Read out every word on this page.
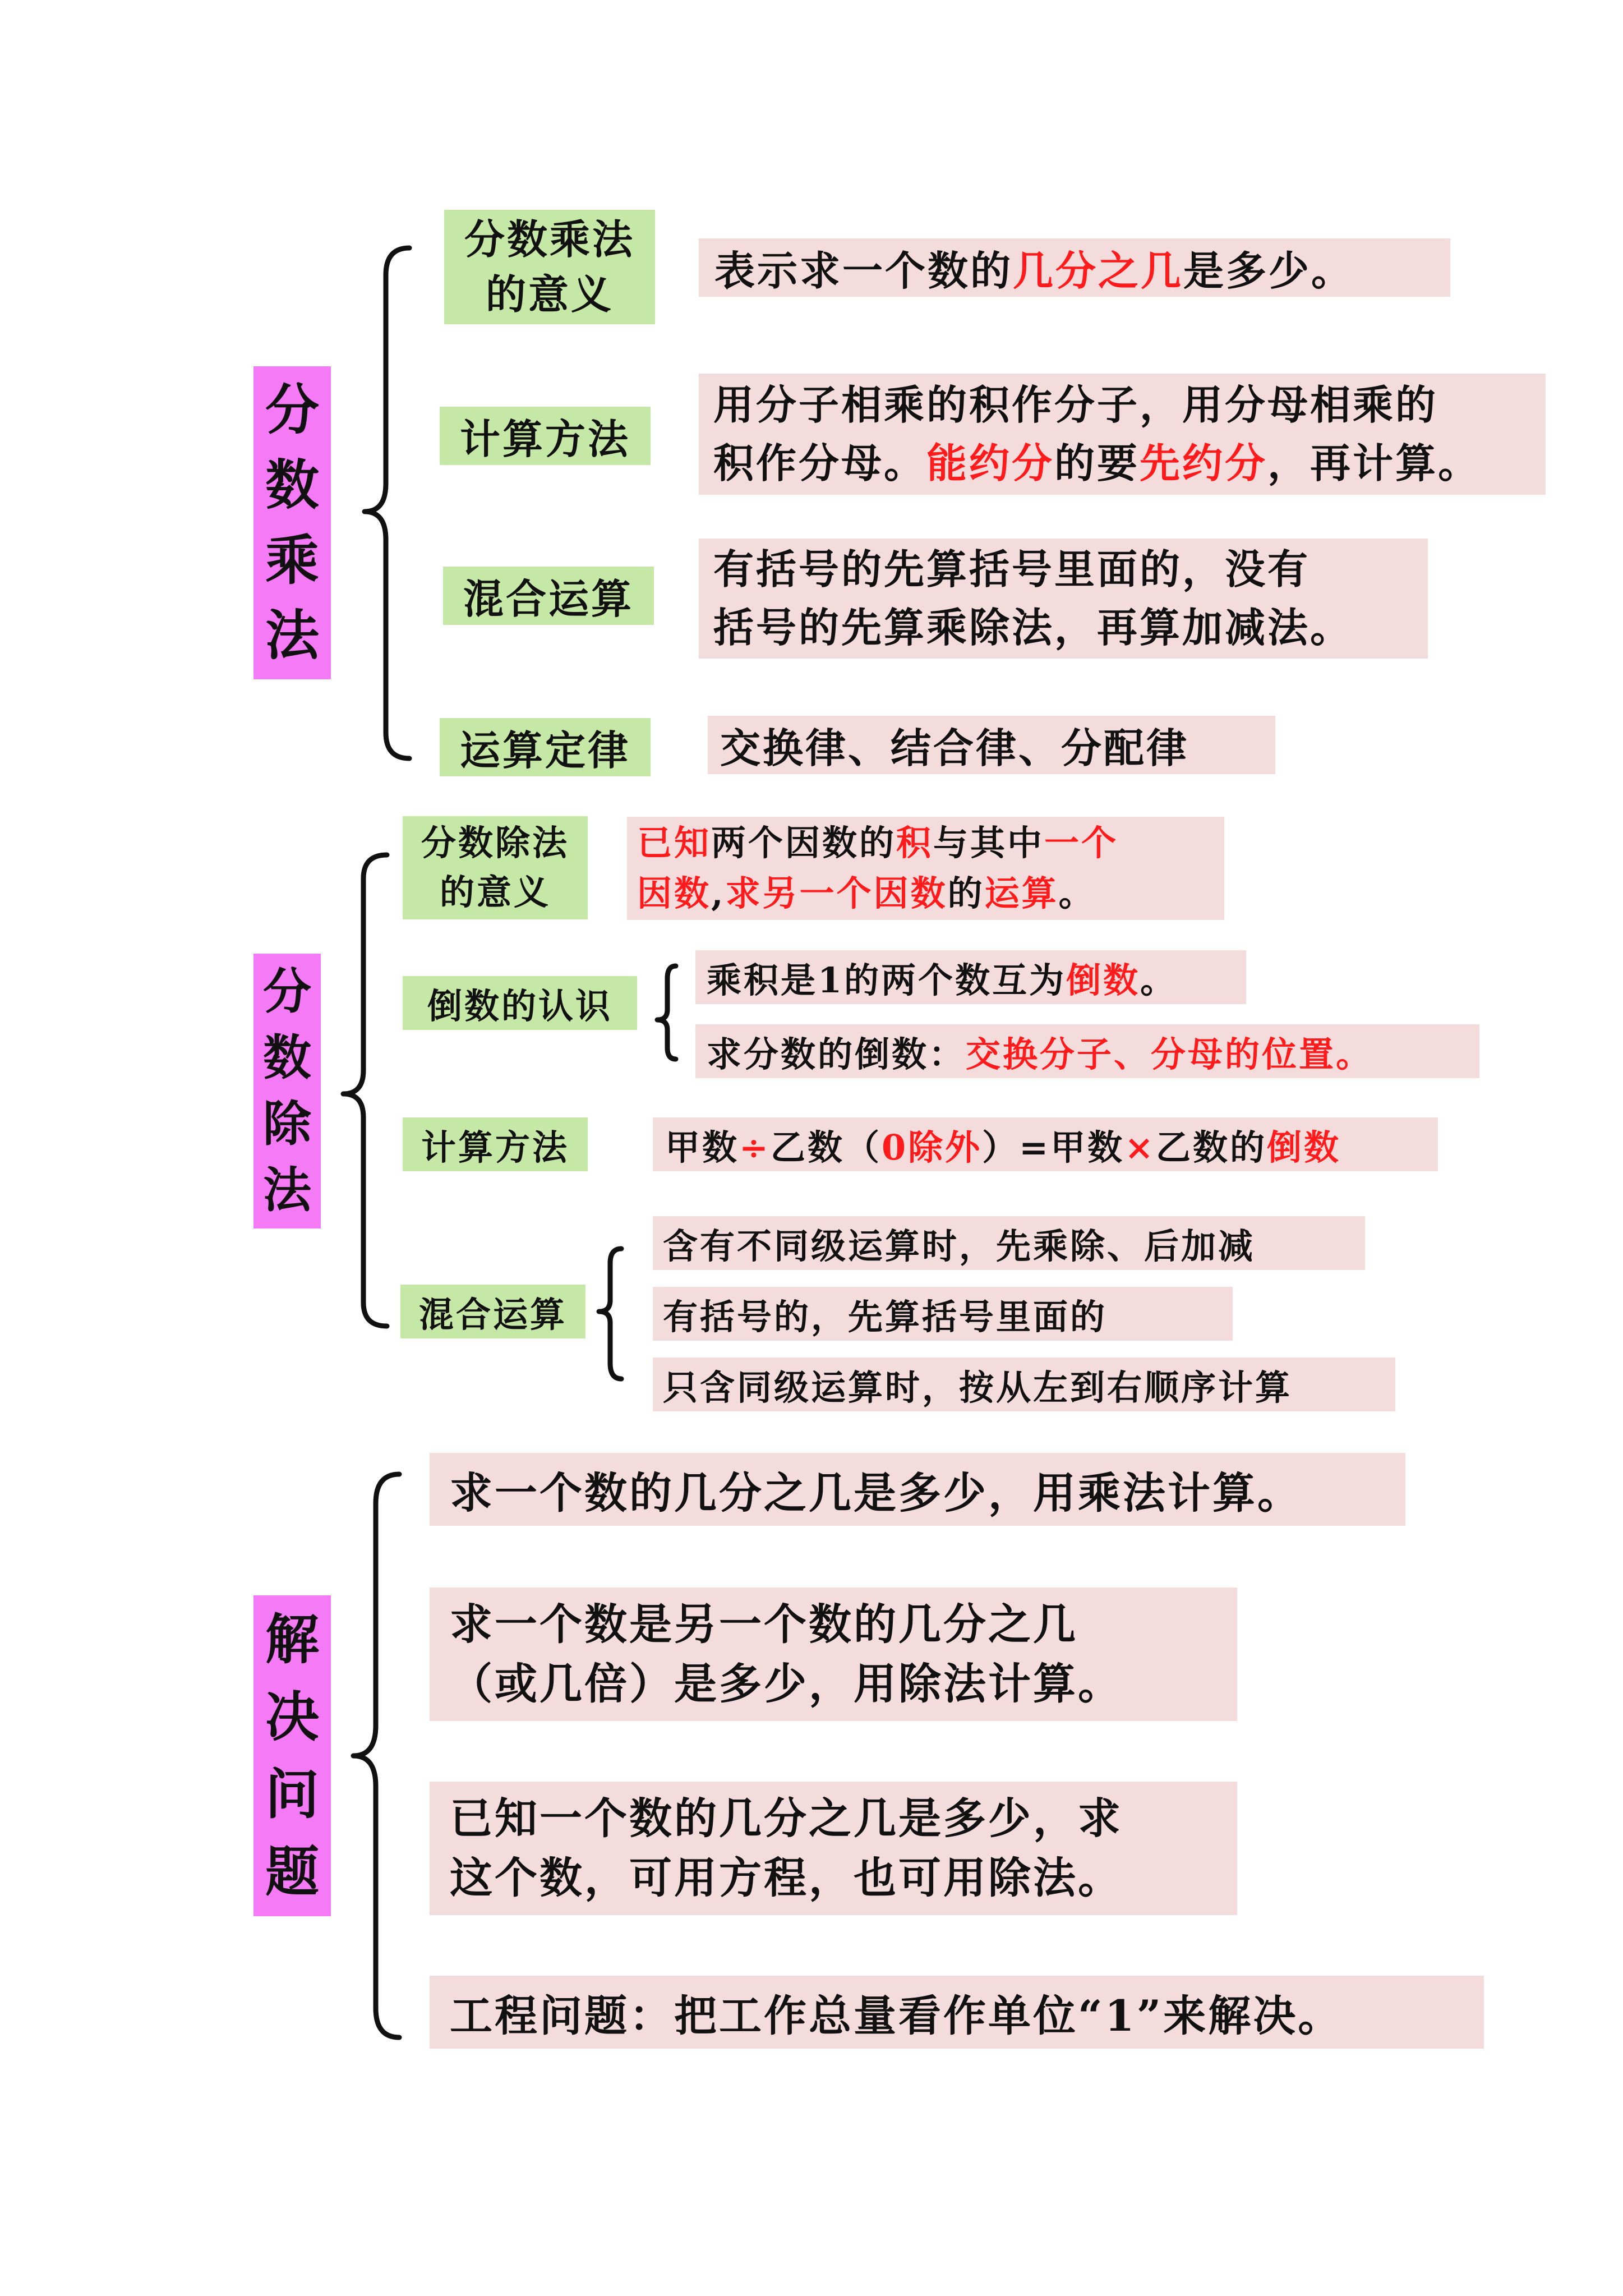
分
数
乘
法
分数乘法
的意义	表示求一个数的几分之几是多少。
计算方法
用分子相乘的积作分子，用分母相乘的
积作分母。能约分的要先约分，再计算。
混合运算
有括号的先算括号里面的，没有
括号的先算乘除法，再算加减法。
运算定律 交换律、结合律、分配律
分
数
除
法
分数除法
的意义
已知两个因数的积与其中一个
因数,求另一个因数的运算。
倒数的认识
乘积是1的两个数互为倒数。
求分数的倒数：交换分子、分母的位置。
计算方法	甲数÷乙数（0除外）=甲数×乙数的倒数
混合运算
含有不同级运算时，先乘除、后加减
有括号的，先算括号里面的
只含同级运算时，按从左到右顺序计算
解
决
问
题
求一个数的几分之几是多少，用乘法计算。
求一个数是另一个数的几分之几
（或几倍）是多少，用除法计算。
已知一个数的几分之几是多少，求
这个数，可用方程，也可用除法。
工程问题：把工作总量看作单位“1”来解决。
